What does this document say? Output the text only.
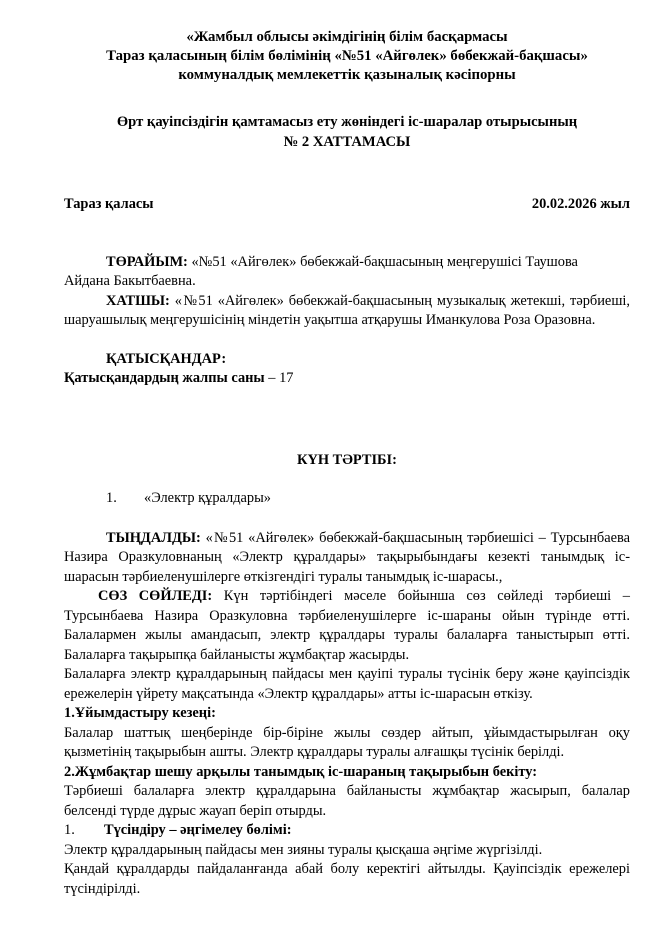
«Жамбыл облысы әкімдігінің білім басқармасы
Тараз қаласының білім бөлімінің «№51 «Айгөлек» бөбекжай-бақшасы»
коммуналдық мемлекеттік қазыналық кәсіпорны
Өрт қауіпсіздігін қамтамасыз ету жөніндегі іс-шаралар отырысының
№ 2 ХАТТАМАСЫ
Тараз қаласы	20.02.2026 жыл

ТӨРАЙЫМ: «№51 «Айгөлек» бөбекжай-бақшасының меңгерушісі Таушова

Айдана Бакытбаевна.

ХАТШЫ: «№51 «Айгөлек» бөбекжай-бақшасының музыкалық жетекші, тәрбиеші, шаруашылық меңгерушісінің міндетін уақытша атқарушы Иманкулова Роза Оразовна.

ҚАТЫСҚАНДАР:

Қатысқандардың жалпы саны – 17

КҮН ТӘРТІБІ:
1.	«Электр құралдары»

ТЫҢДАЛДЫ: «№51 «Айгөлек» бөбекжай-бақшасының тәрбиешісі – Турсынбаева Назира Оразкуловнаның «Электр құралдары» тақырыбындағы кезекті танымдық іс-шарасын тәрбиеленушілерге өткізгендігі туралы танымдық іс-шарасы.,

СӨЗ СӨЙЛЕДІ: Күн тәртібіндегі мәселе бойынша сөз сөйледі тәрбиеші – Турсынбаева Назира Оразкуловна тәрбиеленушілерге іс-шараны ойын түрінде өтті. Балалармен жылы амандасып, электр құралдары туралы балаларға таныстырып өтті. Балаларға тақырыпқа байланысты жұмбақтар жасырды.

Балаларға электр құралдарының пайдасы мен қауіпі туралы түсінік беру және қауіпсіздік ережелерін үйрету мақсатында «Электр құралдары» атты іс-шарасын өткізу.

1.Ұйымдастыру кезеңі:

Балалар шаттық шеңберінде бір-біріне жылы сөздер айтып, ұйымдастырылған оқу қызметінің тақырыбын ашты. Электр құралдары туралы алғашқы түсінік берілді.

2.Жұмбақтар шешу арқылы танымдық іс-шараның тақырыбын бекіту:

Тәрбиеші балаларға электр құралдарына байланысты жұмбақтар жасырып, балалар белсенді түрде дұрыс жауап беріп отырды.

1.	Түсіндіру – әңгімелеу бөлімі:

Электр құралдарының пайдасы мен зияны туралы қысқаша әңгіме жүргізілді.

Қандай құралдарды пайдаланғанда абай болу керектігі айтылды. Қауіпсіздік ережелері түсіндірілді.
